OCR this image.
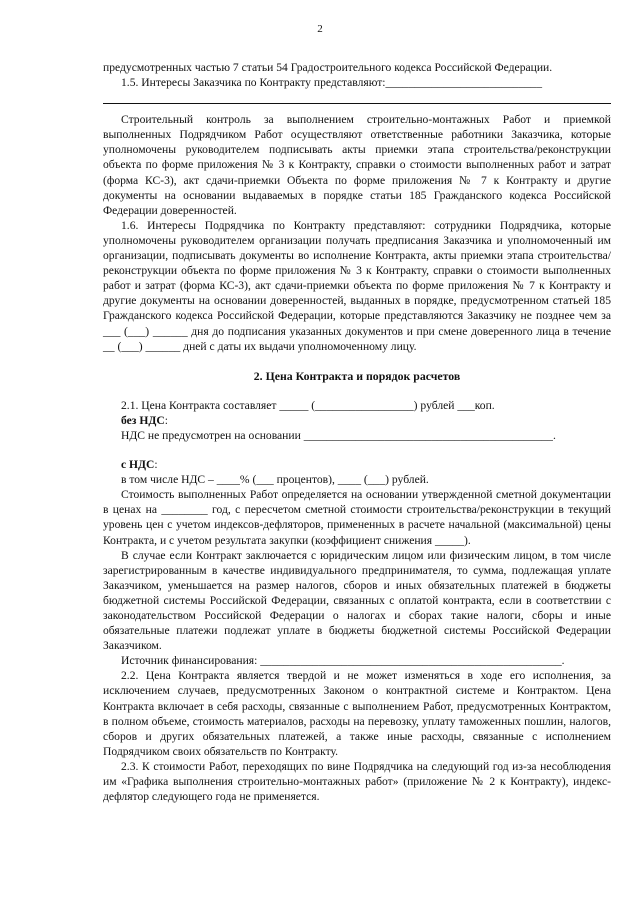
2

предусмотренных частью 7 статьи 54 Градостроительного кодекса Российской Федерации.

1.5. Интересы Заказчика по Контракту представляют:___________________________

Строительный контроль за выполнением строительно-монтажных Работ и приемкой выполненных Подрядчиком Работ осуществляют ответственные работники Заказчика, которые уполномочены руководителем подписывать акты приемки этапа строительства/реконструкции объекта по форме приложения № 3 к Контракту, справки о стоимости выполненных работ и затрат (форма КС-3), акт сдачи-приемки Объекта по форме приложения № 7 к Контракту и другие документы на основании выдаваемых в порядке статьи 185 Гражданского кодекса Российской Федерации доверенностей.

1.6. Интересы Подрядчика по Контракту представляют: сотрудники Подрядчика, которые уполномочены руководителем организации получать предписания Заказчика и уполномоченный им организации, подписывать документы во исполнение Контракта, акты приемки этапа строительства/реконструкции объекта по форме приложения № 3 к Контракту, справки о стоимости выполненных работ и затрат (форма КС-3), акт сдачи-приемки объекта по форме приложения № 7 к Контракту и другие документы на основании доверенностей, выданных в порядке, предусмотренном статьей 185 Гражданского кодекса Российской Федерации, которые представляются Заказчику не позднее чем за ___ (___) ______ дня до подписания указанных документов и при смене доверенного лица в течение __ (___) ______ дней с даты их выдачи уполномоченному лицу.

2. Цена Контракта и порядок расчетов

2.1. Цена Контракта составляет _____ (_________________) рублей ___коп.

без НДС:

НДС не предусмотрен на основании ___________________________________________.

с НДС:

в том числе НДС – ____% (___ процентов), ____ (___) рублей.

Стоимость выполненных Работ определяется на основании утвержденной сметной документации в ценах на ________ год, с пересчетом сметной стоимости строительства/реконструкции в текущий уровень цен с учетом индексов-дефляторов, примененных в расчете начальной (максимальной) цены Контракта, и с учетом результата закупки (коэффициент снижения _____).

В случае если Контракт заключается с юридическим лицом или физическим лицом, в том числе зарегистрированным в качестве индивидуального предпринимателя, то сумма, подлежащая уплате Заказчиком, уменьшается на размер налогов, сборов и иных обязательных платежей в бюджеты бюджетной системы Российской Федерации, связанных с оплатой контракта, если в соответствии с законодательством Российской Федерации о налогах и сборах такие налоги, сборы и иные обязательные платежи подлежат уплате в бюджеты бюджетной системы Российской Федерации Заказчиком.

Источник финансирования: ____________________________________________________.

2.2. Цена Контракта является твердой и не может изменяться в ходе его исполнения, за исключением случаев, предусмотренных Законом о контрактной системе и Контрактом. Цена Контракта включает в себя расходы, связанные с выполнением Работ, предусмотренных Контрактом, в полном объеме, стоимость материалов, расходы на перевозку, уплату таможенных пошлин, налогов, сборов и других обязательных платежей, а также иные расходы, связанные с исполнением Подрядчиком своих обязательств по Контракту.

2.3. К стоимости Работ, переходящих по вине Подрядчика на следующий год из-за несоблюдения им «Графика выполнения строительно-монтажных работ» (приложение № 2 к Контракту), индекс-дефлятор следующего года не применяется.
